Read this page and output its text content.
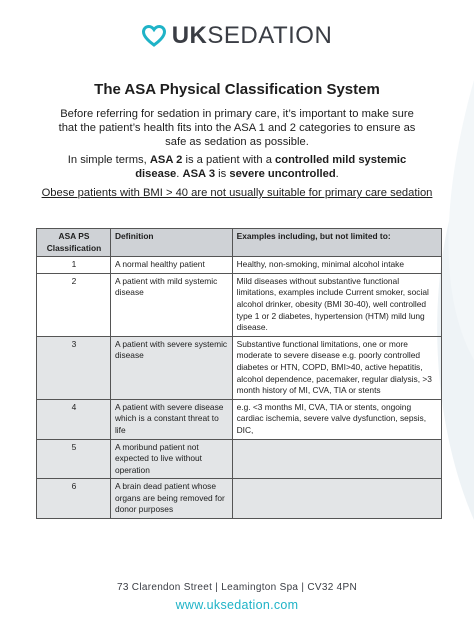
UKSEDATION
The ASA Physical Classification System
Before referring for sedation in primary care, it’s important to make sure that the patient’s health fits into the ASA 1 and 2 categories to ensure as safe as sedation as possible.
In simple terms, ASA 2 is a patient with a controlled mild systemic disease. ASA 3 is severe uncontrolled.
Obese patients with BMI > 40 are not usually suitable for primary care sedation
ASA PS Classification	Definition	Examples including, but not limited to:
1	A normal healthy patient	Healthy, non-smoking, minimal alcohol intake
2	A patient with mild systemic disease	Mild diseases without substantive functional limitations, examples include Current smoker, social alcohol drinker, obesity (BMI 30-40), well controlled type 1 or 2 diabetes, hypertension (HTM) mild lung disease.
3	A patient with severe systemic disease	Substantive functional limitations, one or more moderate to severe disease e.g. poorly controlled diabetes or HTN, COPD, BMI>40, active hepatitis, alcohol dependence, pacemaker, regular dialysis, >3 month history of MI, CVA, TIA or stents
4	A patient with severe disease which is a constant threat to life	e.g. <3 months MI, CVA, TIA or stents, ongoing cardiac ischemia, severe valve dysfunction, sepsis, DIC,
5	A moribund patient not expected to live without operation	
6	A brain dead patient whose organs are being removed for donor purposes	
73 Clarendon Street | Leamington Spa | CV32 4PN
www.uksedation.com
